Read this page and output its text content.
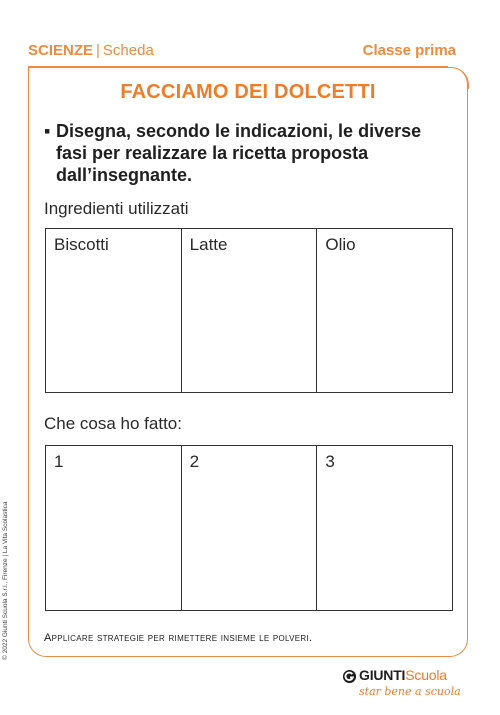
SCIENZE | Scheda	Classe prima
FACCIAMO DEI DOLCETTI
▪ Disegna, secondo le indicazioni, le diverse fasi per realizzare la ricetta proposta dall’insegnante.
Ingredienti utilizzati
Biscotti	Latte	Olio
Che cosa ho fatto:
1	2	3
Applicare strategie per rimettere insieme le polveri.
© 2022 Giunti Scuola S.r.l., Firenze | La Vita Scolastica
GIUNTIScuola
star bene a scuola
